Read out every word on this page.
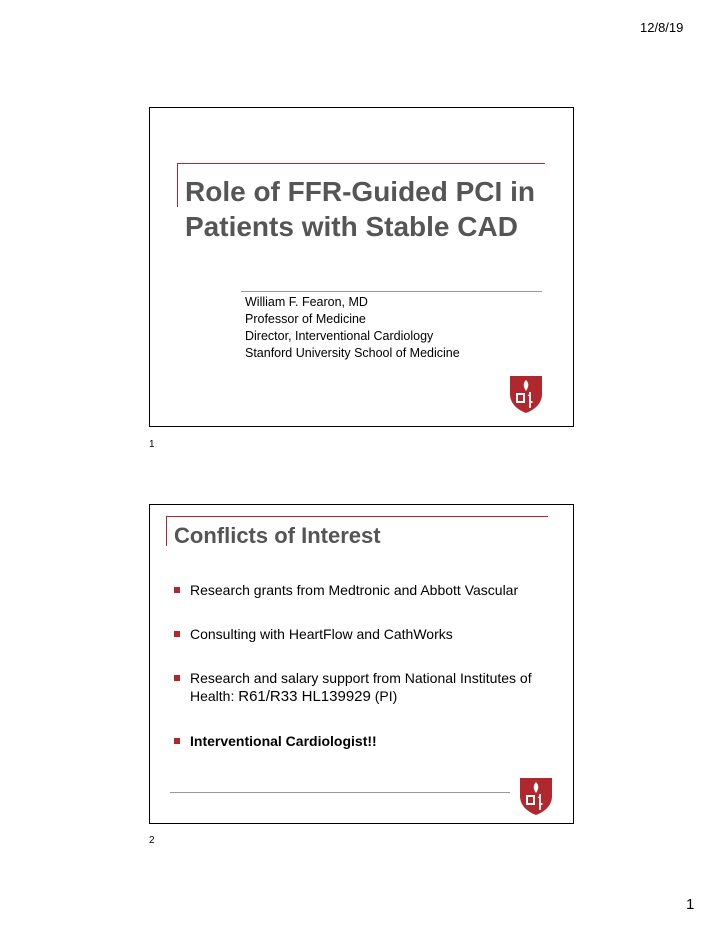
12/8/19
Role of FFR-Guided PCI in Patients with Stable CAD
William F. Fearon, MD
Professor of Medicine
Director, Interventional Cardiology
Stanford University School of Medicine
1
Conflicts of Interest
Research grants from Medtronic and Abbott Vascular
Consulting with HeartFlow and CathWorks
Research and salary support from National Institutes of Health: R61/R33 HL139929 (PI)
Interventional Cardiologist!!
2
1
